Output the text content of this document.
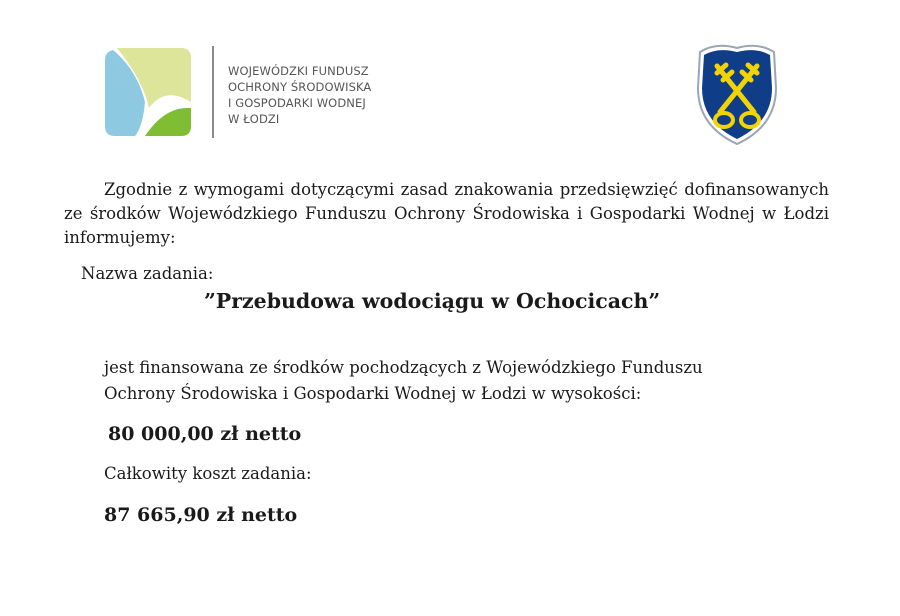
WOJEWÓDZKI FUNDUSZ
OCHRONY ŚRODOWISKA
I GOSPODARKI WODNEJ
W ŁODZI

Zgodnie z wymogami dotyczącymi zasad znakowania przedsięwzięć dofinansowanych ze środków Wojewódzkiego Funduszu Ochrony Środowiska i Gospodarki Wodnej w Łodzi informujemy:

Nazwa zadania:
”Przebudowa wodociągu w Ochocicach”

jest finansowana ze środków pochodzących z Wojewódzkiego Funduszu Ochrony Środowiska i Gospodarki Wodnej w Łodzi w wysokości:

80 000,00 zł netto
Całkowity koszt zadania:
87 665,90 zł netto
